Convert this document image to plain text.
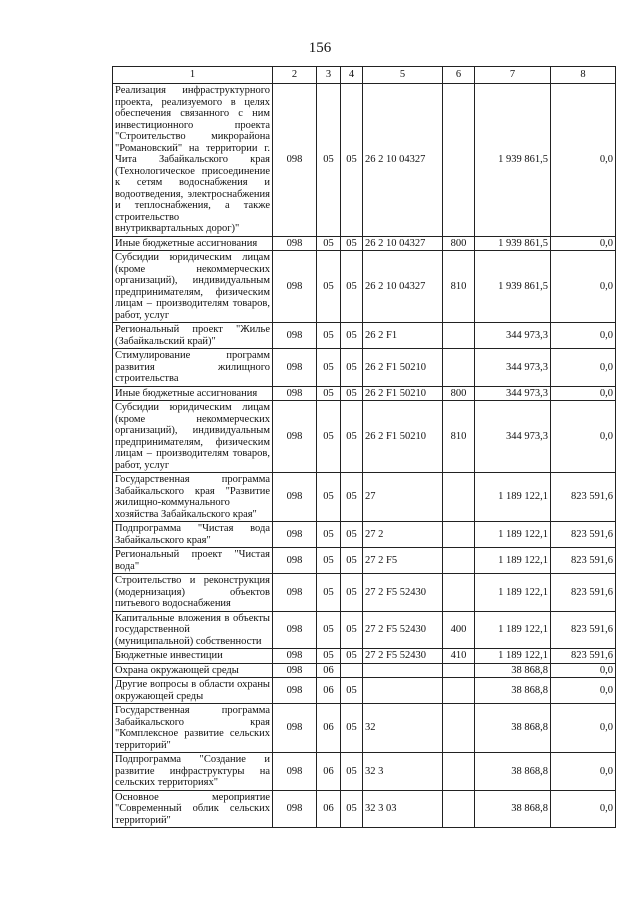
156
1	2	3	4	5	6	7	8
Реализация инфраструктурного проекта, реализуемого в целях обеспечения связанного с ним инвестиционного проекта "Строительство микрорайона "Романовский" на территории г. Чита Забайкальского края (Технологическое присоединение к сетям водоснабжения и водоотведения, электроснабжения и теплоснабжения, а также строительство внутриквартальных дорог)"	098	05	05	26 2 10 04327		1 939 861,5	0,0
Иные бюджетные ассигнования	098	05	05	26 2 10 04327	800	1 939 861,5	0,0
Субсидии юридическим лицам (кроме некоммерческих организаций), индивидуальным предпринимателям, физическим лицам – производителям товаров, работ, услуг	098	05	05	26 2 10 04327	810	1 939 861,5	0,0
Региональный проект "Жилье (Забайкальский край)"	098	05	05	26 2 F1		344 973,3	0,0
Стимулирование программ развития жилищного строительства	098	05	05	26 2 F1 50210		344 973,3	0,0
Иные бюджетные ассигнования	098	05	05	26 2 F1 50210	800	344 973,3	0,0
Субсидии юридическим лицам (кроме некоммерческих организаций), индивидуальным предпринимателям, физическим лицам – производителям товаров, работ, услуг	098	05	05	26 2 F1 50210	810	344 973,3	0,0
Государственная программа Забайкальского края "Развитие жилищно-коммунального хозяйства Забайкальского края"	098	05	05	27		1 189 122,1	823 591,6
Подпрограмма "Чистая вода Забайкальского края"	098	05	05	27 2		1 189 122,1	823 591,6
Региональный проект "Чистая вода"	098	05	05	27 2 F5		1 189 122,1	823 591,6
Строительство и реконструкция (модернизация) объектов питьевого водоснабжения	098	05	05	27 2 F5 52430		1 189 122,1	823 591,6
Капитальные вложения в объекты государственной (муниципальной) собственности	098	05	05	27 2 F5 52430	400	1 189 122,1	823 591,6
Бюджетные инвестиции	098	05	05	27 2 F5 52430	410	1 189 122,1	823 591,6
Охрана окружающей среды	098	06				38 868,8	0,0
Другие вопросы в области охраны окружающей среды	098	06	05			38 868,8	0,0
Государственная программа Забайкальского края "Комплексное развитие сельских территорий"	098	06	05	32		38 868,8	0,0
Подпрограмма "Создание и развитие инфраструктуры на сельских территориях"	098	06	05	32 3		38 868,8	0,0
Основное мероприятие "Современный облик сельских территорий"	098	06	05	32 3 03		38 868,8	0,0
